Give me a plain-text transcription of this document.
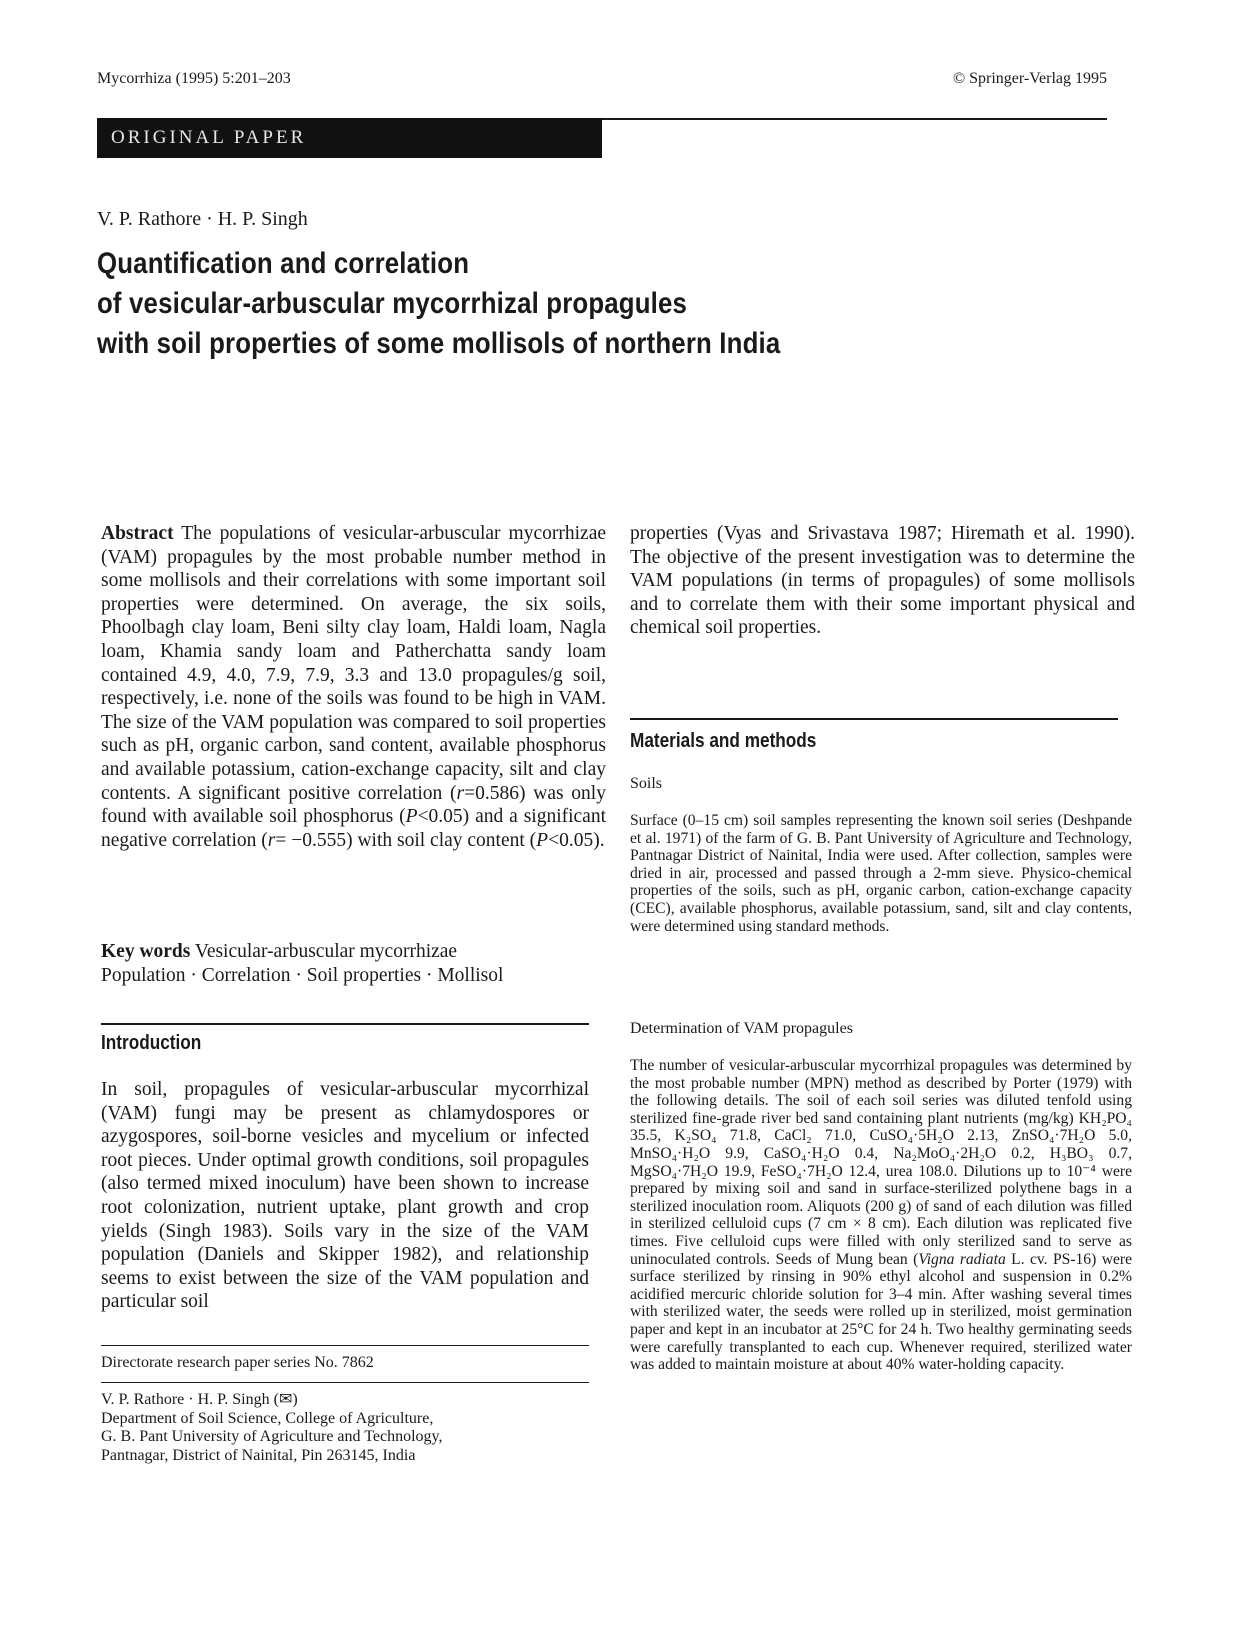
Mycorrhiza (1995) 5:201–203	© Springer-Verlag 1995
ORIGINAL PAPER
V. P. Rathore · H. P. Singh
Quantification and correlation
of vesicular-arbuscular mycorrhizal propagules
with soil properties of some mollisols of northern India
Abstract The populations of vesicular-arbuscular mycorrhizae (VAM) propagules by the most probable number method in some mollisols and their correlations with some important soil properties were determined. On average, the six soils, Phoolbagh clay loam, Beni silty clay loam, Haldi loam, Nagla loam, Khamia sandy loam and Patherchatta sandy loam contained 4.9, 4.0, 7.9, 7.9, 3.3 and 13.0 propagules/g soil, respectively, i.e. none of the soils was found to be high in VAM. The size of the VAM population was compared to soil properties such as pH, organic carbon, sand content, available phosphorus and available potassium, cation-exchange capacity, silt and clay contents. A significant positive correlation (r=0.586) was only found with available soil phosphorus (P<0.05) and a significant negative correlation (r= −0.555) with soil clay content (P<0.05).
Key words Vesicular-arbuscular mycorrhizae
Population · Correlation · Soil properties · Mollisol
Introduction
In soil, propagules of vesicular-arbuscular mycorrhizal (VAM) fungi may be present as chlamydospores or azygospores, soil-borne vesicles and mycelium or infected root pieces. Under optimal growth conditions, soil propagules (also termed mixed inoculum) have been shown to increase root colonization, nutrient uptake, plant growth and crop yields (Singh 1983). Soils vary in the size of the VAM population (Daniels and Skipper 1982), and relationship seems to exist between the size of the VAM population and particular soil
Directorate research paper series No. 7862
V. P. Rathore · H. P. Singh (✉)
Department of Soil Science, College of Agriculture,
G. B. Pant University of Agriculture and Technology,
Pantnagar, District of Nainital, Pin 263145, India
properties (Vyas and Srivastava 1987; Hiremath et al. 1990). The objective of the present investigation was to determine the VAM populations (in terms of propagules) of some mollisols and to correlate them with their some important physical and chemical soil properties.
Materials and methods
Soils
Surface (0–15 cm) soil samples representing the known soil series (Deshpande et al. 1971) of the farm of G. B. Pant University of Agriculture and Technology, Pantnagar District of Nainital, India were used. After collection, samples were dried in air, processed and passed through a 2-mm sieve. Physico-chemical properties of the soils, such as pH, organic carbon, cation-exchange capacity (CEC), available phosphorus, available potassium, sand, silt and clay contents, were determined using standard methods.
Determination of VAM propagules
The number of vesicular-arbuscular mycorrhizal propagules was determined by the most probable number (MPN) method as described by Porter (1979) with the following details. The soil of each soil series was diluted tenfold using sterilized fine-grade river bed sand containing plant nutrients (mg/kg) KH₂PO₄ 35.5, K₂SO₄ 71.8, CaCl₂ 71.0, CuSO₄·5H₂O 2.13, ZnSO₄·7H₂O 5.0, MnSO₄·H₂O 9.9, CaSO₄·H₂O 0.4, Na₂MoO₄·2H₂O 0.2, H₃BO₃ 0.7, MgSO₄·7H₂O 19.9, FeSO₄·7H₂O 12.4, urea 108.0. Dilutions up to 10⁻⁴ were prepared by mixing soil and sand in surface-sterilized polythene bags in a sterilized inoculation room. Aliquots (200 g) of sand of each dilution was filled in sterilized celluloid cups (7 cm × 8 cm). Each dilution was replicated five times. Five celluloid cups were filled with only sterilized sand to serve as uninoculated controls. Seeds of Mung bean (Vigna radiata L. cv. PS-16) were surface sterilized by rinsing in 90% ethyl alcohol and suspension in 0.2% acidified mercuric chloride solution for 3–4 min. After washing several times with sterilized water, the seeds were rolled up in sterilized, moist germination paper and kept in an incubator at 25°C for 24 h. Two healthy germinating seeds were carefully transplanted to each cup. Whenever required, sterilized water was added to maintain moisture at about 40% water-holding capacity.
